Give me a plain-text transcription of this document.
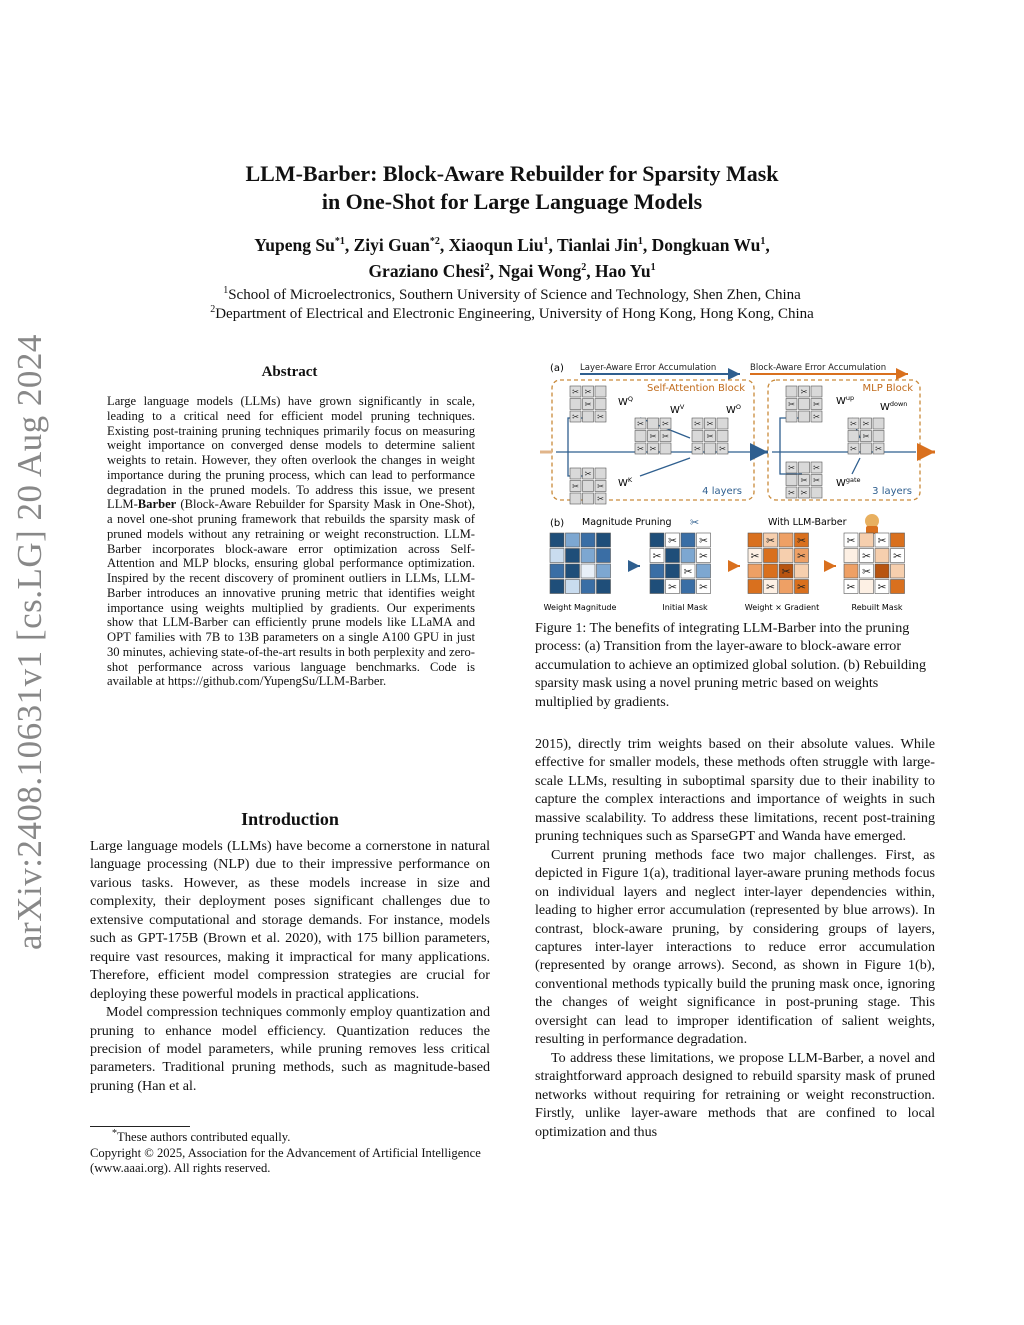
arXiv:2408.10631v1 [cs.LG] 20 Aug 2024
LLM-Barber: Block-Aware Rebuilder for Sparsity Mask
in One-Shot for Large Language Models
Yupeng Su$^{*1}$, Ziyi Guan$^{*2}$, Xiaoqun Liu$^1$, Tianlai Jin$^1$, Dongkuan Wu$^1$,
Graziano Chesi$^2$, Ngai Wong$^2$, Hao Yu$^1$
$^1$School of Microelectronics, Southern University of Science and Technology, Shen Zhen, China
$^2$Department of Electrical and Electronic Engineering, University of Hong Kong, Hong Kong, China
Abstract
Large language models (LLMs) have grown significantly in scale, leading to a critical need for efficient model pruning techniques. Existing post-training pruning techniques primarily focus on measuring weight importance on converged dense models to determine salient weights to retain. However, they often overlook the changes in weight importance during the pruning process, which can lead to performance degradation in the pruned models. To address this issue, we present LLM-Barber (Block-Aware Rebuilder for Sparsity Mask in One-Shot), a novel one-shot pruning framework that rebuilds the sparsity mask of pruned models without any retraining or weight reconstruction. LLM-Barber incorporates block-aware error optimization across Self-Attention and MLP blocks, ensuring global performance optimization. Inspired by the recent discovery of prominent outliers in LLMs, LLM-Barber introduces an innovative pruning metric that identifies weight importance using weights multiplied by gradients. Our experiments show that LLM-Barber can efficiently prune models like LLaMA and OPT families with 7B to 13B parameters on a single A100 GPU in just 30 minutes, achieving state-of-the-art results in both perplexity and zero-shot performance across various language benchmarks. Code is available at https://github.com/YupengSu/LLM-Barber.
Introduction

Large language models (LLMs) have become a cornerstone in natural language processing (NLP) due to their impressive performance on various tasks. However, as these models increase in size and complexity, their deployment poses significant challenges due to extensive computational and storage demands. For instance, models such as GPT-175B (Brown et al. 2020), with 175 billion parameters, require vast resources, making it impractical for many applications. Therefore, efficient model compression strategies are crucial for deploying these powerful models in practical applications.

Model compression techniques commonly employ quantization and pruning to enhance model efficiency. Quantization reduces the precision of model parameters, while pruning removes less critical parameters. Traditional pruning methods, such as magnitude-based pruning (Han et al.

*These authors contributed equally.

Copyright © 2025, Association for the Advancement of Artificial Intelligence (www.aaai.org). All rights reserved.

(a) Layer-Aware Error Accumulation	Block-Aware Error Accumulation
Self-Attention Block	MLP Block
$W^Q$
$W^K$
$W^V$	$W^O$	$W^{up}$
$W^{down}$
$W^{gate}$
4 layers	3 layers
✂ ✂
✂
✂ ✂
✂
✂ ✂
✂
✂ ✂
✂ ✂
✂ ✂
✂ ✂
✂
✂ ✂
✂
✂ ✂
✂
✂ ✂
✂ ✂
✂ ✂
✂ ✂
✂
✂ ✂
(b) Magnitude Pruning	With LLM-Barber
✂
✂ ✂
✂	✂
✂
✂ ✂
✂ ✂
✂	✂
✂
✂ ✂
✂ ✂
✂ ✂
✂
✂ ✂
Weight Magnitude	Initial Mask	Weight × Gradient	Rebuilt Mask
Figure 1: The benefits of integrating LLM-Barber into the pruning process: (a) Transition from the layer-aware to block-aware error accumulation to achieve an optimized global solution. (b) Rebuilding sparsity mask using a novel pruning metric based on weights multiplied by gradients.

2015), directly trim weights based on their absolute values. While effective for smaller models, these methods often struggle with large-scale LLMs, resulting in suboptimal sparsity due to their inability to capture the complex interactions and importance of weights in such massive scalability. To address these limitations, recent post-training pruning techniques such as SparseGPT and Wanda have emerged.

Current pruning methods face two major challenges. First, as depicted in Figure 1(a), traditional layer-aware pruning methods focus on individual layers and neglect inter-layer dependencies within, leading to higher error accumulation (represented by blue arrows). In contrast, block-aware pruning, by considering groups of layers, captures inter-layer interactions to reduce error accumulation (represented by orange arrows). Second, as shown in Figure 1(b), conventional methods typically build the pruning mask once, ignoring the changes of weight significance in post-pruning stage. This oversight can lead to improper identification of salient weights, resulting in performance degradation.

To address these limitations, we propose LLM-Barber, a novel and straightforward approach designed to rebuild sparsity mask of pruned networks without requiring for retraining or weight reconstruction. Firstly, unlike layer-aware methods that are confined to local optimization and thus
